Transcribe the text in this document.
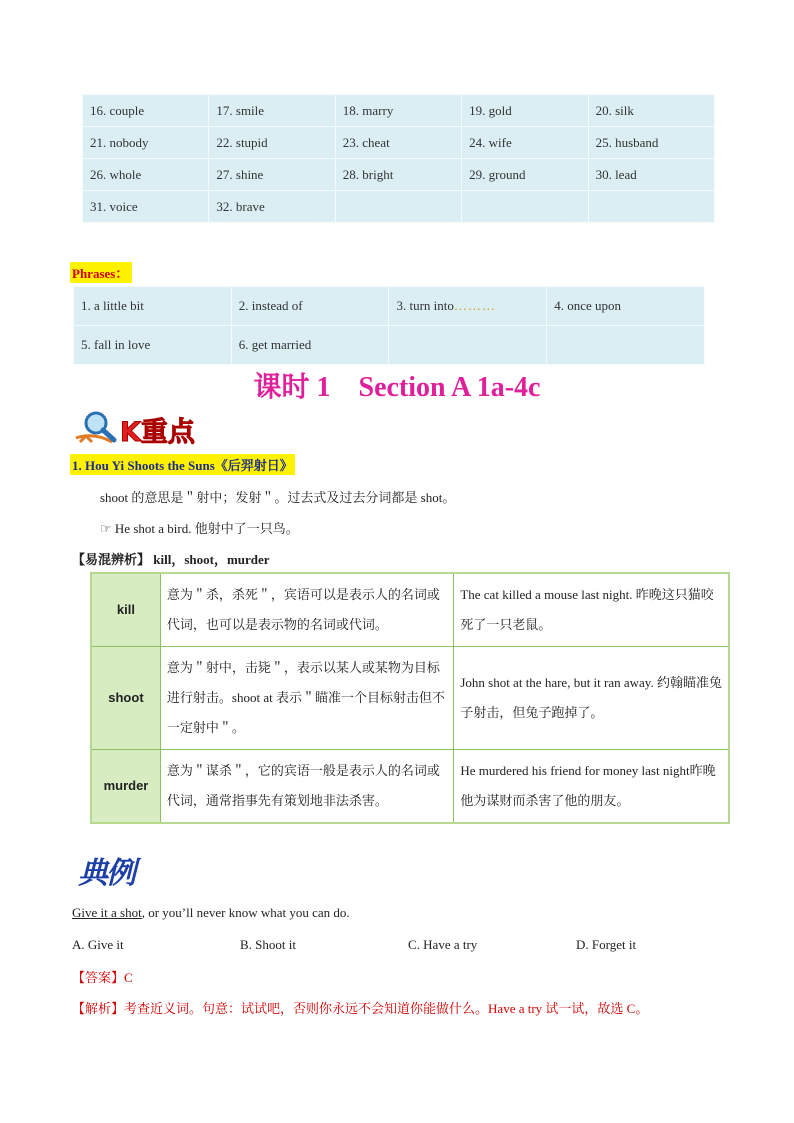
16. couple	17. smile	18. marry	19. gold	20. silk
21. nobody	22. stupid	23. cheat	24. wife	25. husband
26. whole	27. shine	28. bright	29. ground	30. lead
31. voice	32. brave			
Phrases：
1. a little bit	2. instead of	3. turn into………	4. once upon
5. fall in love	6. get married		
课时 1 Section A 1a-4c
K重点
1. Hou Yi Shoots the Suns《后羿射日》
shoot 的意思是＂射中；发射＂。过去式及过去分词都是 shot。
☞ He shot a bird. 他射中了一只鸟。
【易混辨析】 kill，shoot，murder
kill	意为＂杀，杀死＂，宾语可以是表示人的名词或代词，也可以是表示物的名词或代词。	The cat killed a mouse last night. 昨晚这只猫咬死了一只老鼠。
shoot	意为＂射中，击毙＂，表示以某人或某物为目标进行射击。shoot at 表示＂瞄准一个目标射击但不一定射中＂。	John shot at the hare, but it ran away. 约翰瞄准兔子射击，但兔子跑掉了。
murder	意为＂谋杀＂，它的宾语一般是表示人的名词或代词，通常指事先有策划地非法杀害。	He murdered his friend for money last night昨晚他为谋财而杀害了他的朋友。
典例
Give it a shot, or you’ll never know what you can do.
A. Give it	B. Shoot it	C. Have a try	D. Forget it
【答案】C
【解析】考查近义词。句意：试试吧，否则你永远不会知道你能做什么。Have a try 试一试，故选 C。
